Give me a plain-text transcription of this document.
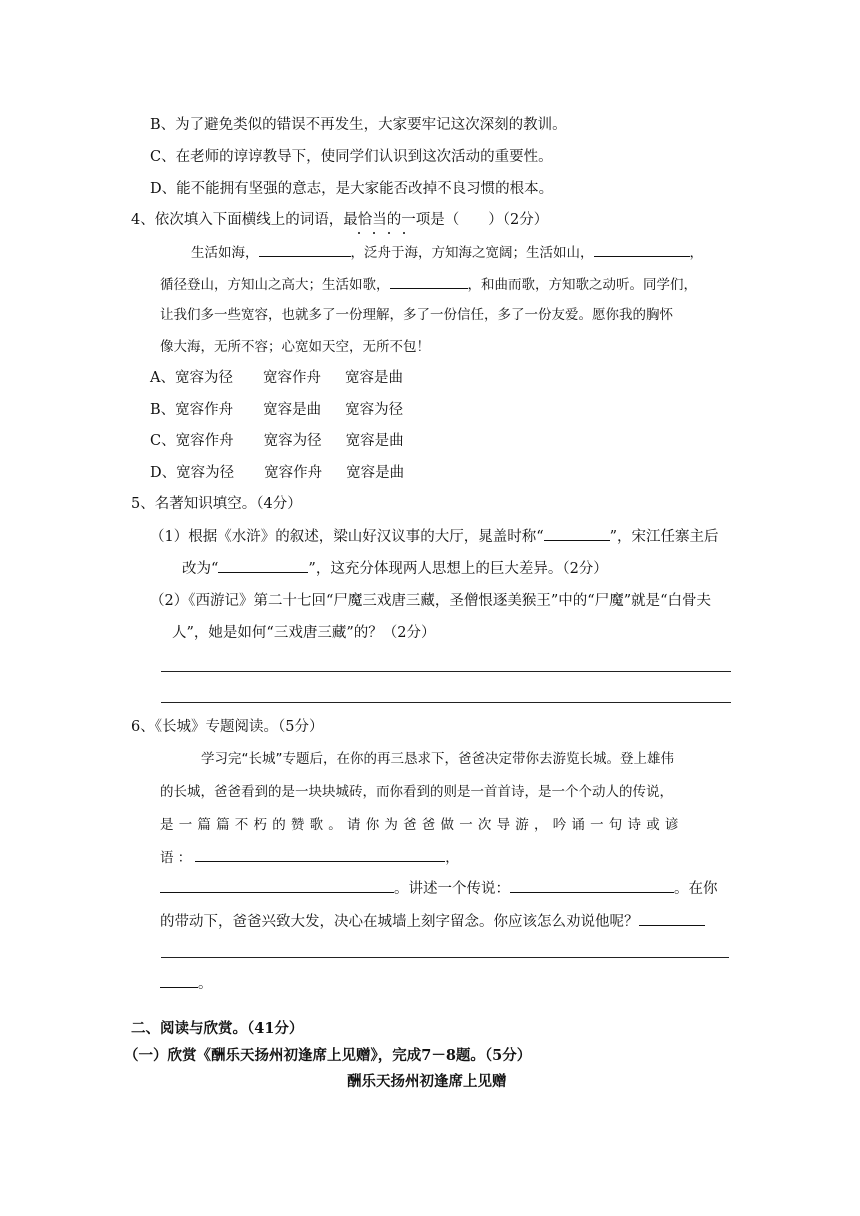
B、为了避免类似的错误不再发生，大家要牢记这次深刻的教训。
C、在老师的谆谆教导下，使同学们认识到这次活动的重要性。
D、能不能拥有坚强的意志，是大家能否改掉不良习惯的根本。
4、依次填入下面横线上的词语，最恰当的一项是（　　）（2分）
生活如海，	，泛舟于海，方知海之宽阔；生活如山，	，
循径登山，方知山之高大；生活如歌，	，和曲而歌，方知歌之动听。同学们，
让我们多一些宽容，也就多了一份理解，多了一份信任，多了一份友爱。愿你我的胸怀
像大海，无所不容；心宽如天空，无所不包！
A、宽容为径 宽容作舟 宽容是曲
B、宽容作舟 宽容是曲 宽容为径
C、宽容作舟 宽容为径 宽容是曲
D、宽容为径 宽容作舟 宽容是曲
5、名著知识填空。（4分）
（1）根据《水浒》的叙述，梁山好汉议事的大厅，晁盖时称“	”，宋江任寨主后
改为“	”，这充分体现两人思想上的巨大差异。（2分）
（2）《西游记》第二十七回“尸魔三戏唐三藏，圣僧恨逐美猴王”中的“尸魔”就是“白骨夫
人”，她是如何“三戏唐三藏”的？（2分）
6、《长城》专题阅读。（5分）
学习完“长城”专题后，在你的再三恳求下，爸爸决定带你去游览长城。登上雄伟
的长城，爸爸看到的是一块块城砖，而你看到的则是一首首诗，是一个个动人的传说，
是一篇篇不朽的赞歌。请你为爸爸做一次导游，吟诵一句诗或谚
语 ：	，
。讲述一个传说：	。在你
的带动下，爸爸兴致大发，决心在城墙上刻字留念。你应该怎么劝说他呢？
。
二、阅读与欣赏。（41分）
（一）欣赏《酬乐天扬州初逢席上见赠》，完成7－8题。（5分）
酬乐天扬州初逢席上见赠
